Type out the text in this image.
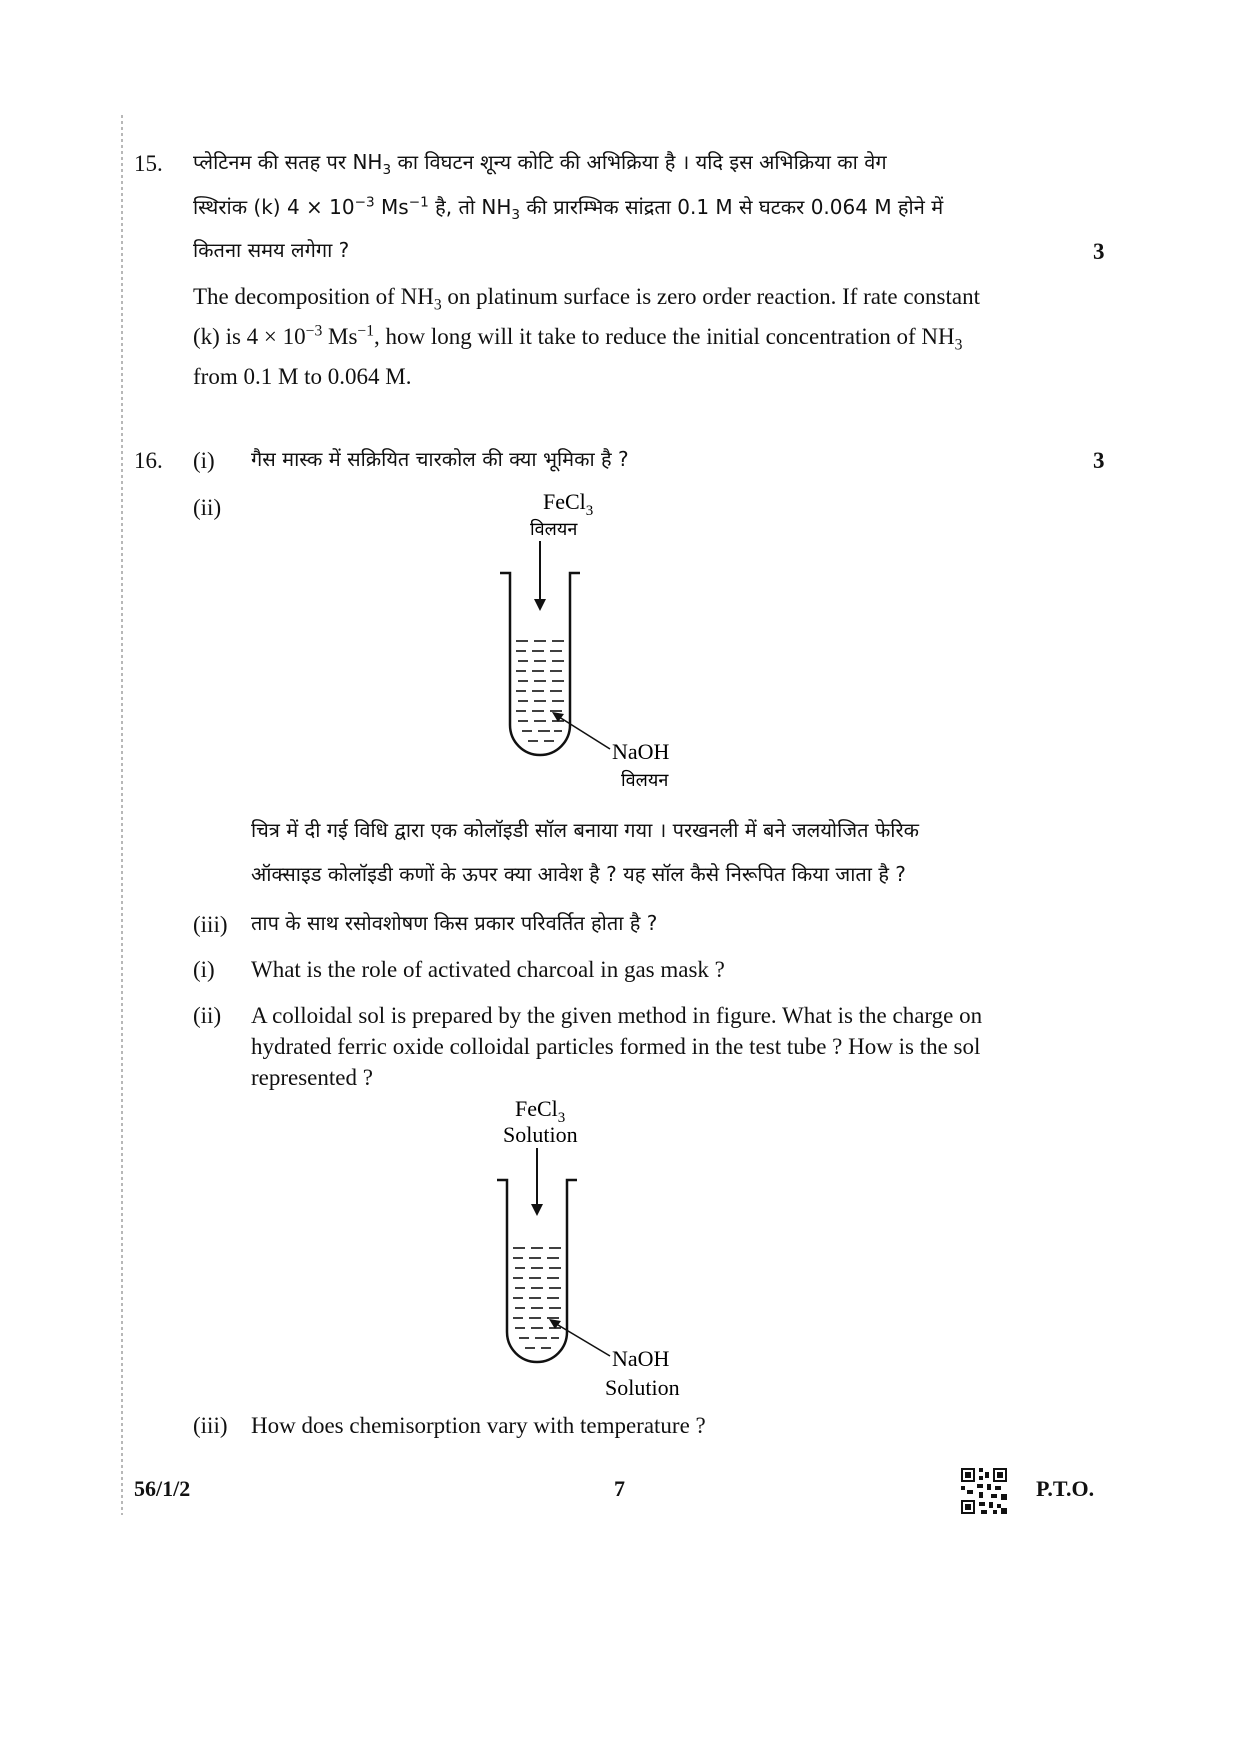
15. प्लेटिनम की सतह पर $NH_3$ का विघटन शून्य कोटि की अभिक्रिया है । यदि इस अभिक्रिया का वेग
स्थिरांक (k) $4 \times 10^{-3}$ $Ms^{-1}$ है, तो $NH_3$ की प्रारम्भिक सांद्रता 0.1 M से घटकर 0.064 M होने में
कितना समय लगेगा ?	3
The decomposition of $NH_3$ on platinum surface is zero order reaction. If rate constant
(k) is $4 \times 10^{-3}$ $Ms^{-1}$, how long will it take to reduce the initial concentration of $NH_3$
from 0.1 M to 0.064 M.
16. (i) गैस मास्क में सक्रियित चारकोल की क्या भूमिका है ?	3
(ii)	FeCl$_3$
विलयन
NaOH
विलयन
चित्र में दी गई विधि द्वारा एक कोलॉइडी सॉल बनाया गया । परखनली में बने जलयोजित फेरिक
ऑक्साइड कोलॉइडी कणों के ऊपर क्या आवेश है ? यह सॉल कैसे निरूपित किया जाता है ?
(iii) ताप के साथ रसोवशोषण किस प्रकार परिवर्तित होता है ?
(i) What is the role of activated charcoal in gas mask ?
(ii) A colloidal sol is prepared by the given method in figure. What is the charge on
hydrated ferric oxide colloidal particles formed in the test tube ? How is the sol
represented ?
FeCl$_3$
Solution
NaOH
Solution
(iii) How does chemisorption vary with temperature ?
56/1/2	7	P.T.O.
